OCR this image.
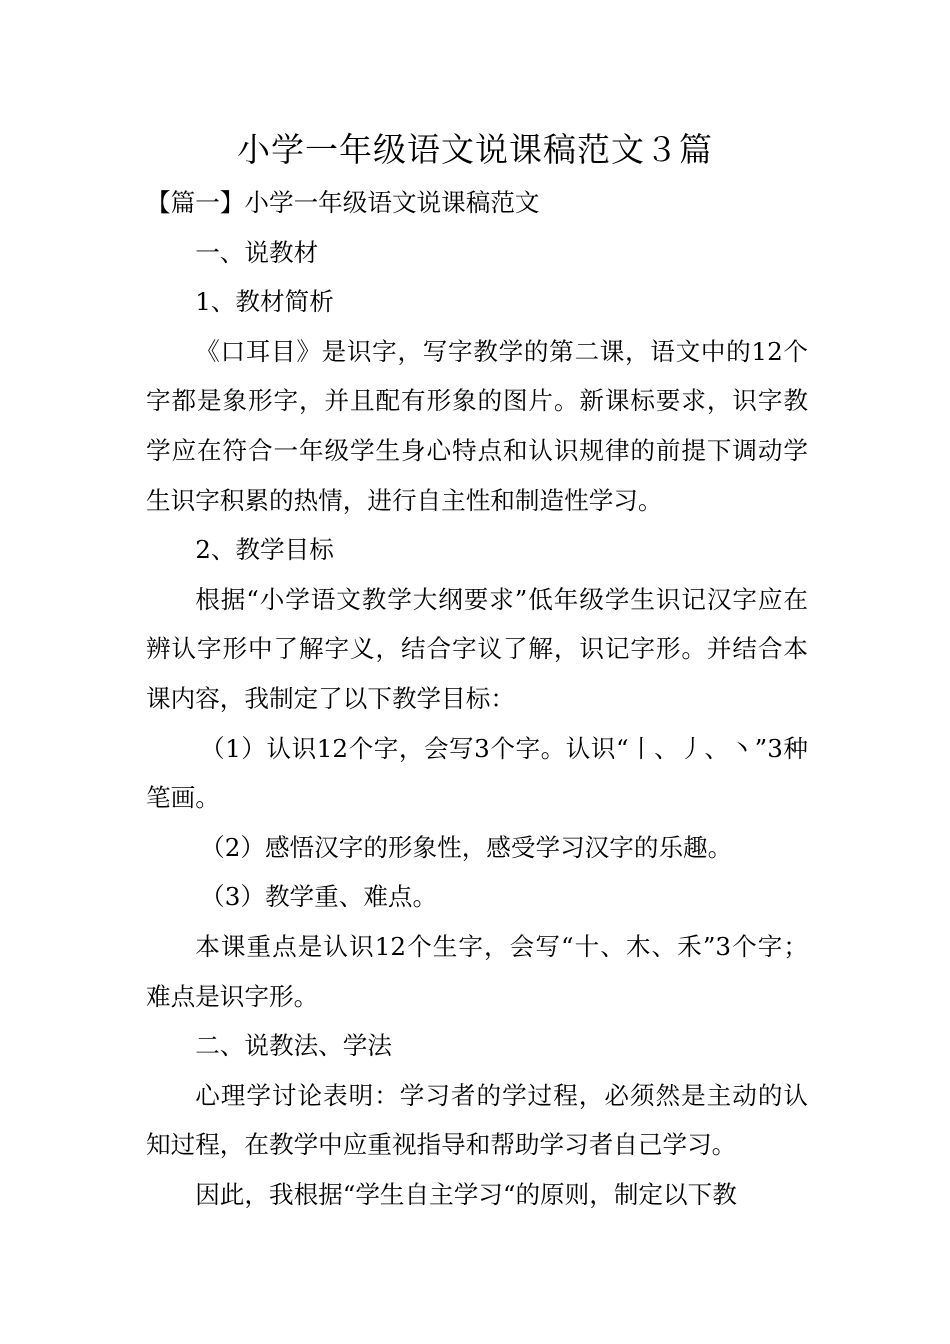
小学一年级语文说课稿范文３篇

【篇一】小学一年级语文说课稿范文

一、说教材

1、教材简析

《口耳目》是识字，写字教学的第二课，语文中的12个字都是象形字，并且配有形象的图片。新课标要求，识字教学应在符合一年级学生身心特点和认识规律的前提下调动学生识字积累的热情，进行自主性和制造性学习。

2、教学目标

根据“小学语文教学大纲要求”低年级学生识记汉字应在辨认字形中了解字义，结合字议了解，识记字形。并结合本课内容，我制定了以下教学目标：

（1）认识12个字，会写3个字。认识“丨、丿、丶”3种笔画。

（2）感悟汉字的形象性，感受学习汉字的乐趣。

（3）教学重、难点。

本课重点是认识12个生字，会写“十、木、禾”3个字；难点是识字形。

二、说教法、学法

心理学讨论表明：学习者的学过程，必须然是主动的认知过程，在教学中应重视指导和帮助学习者自己学习。

因此，我根据“学生自主学习“的原则，制定以下教
